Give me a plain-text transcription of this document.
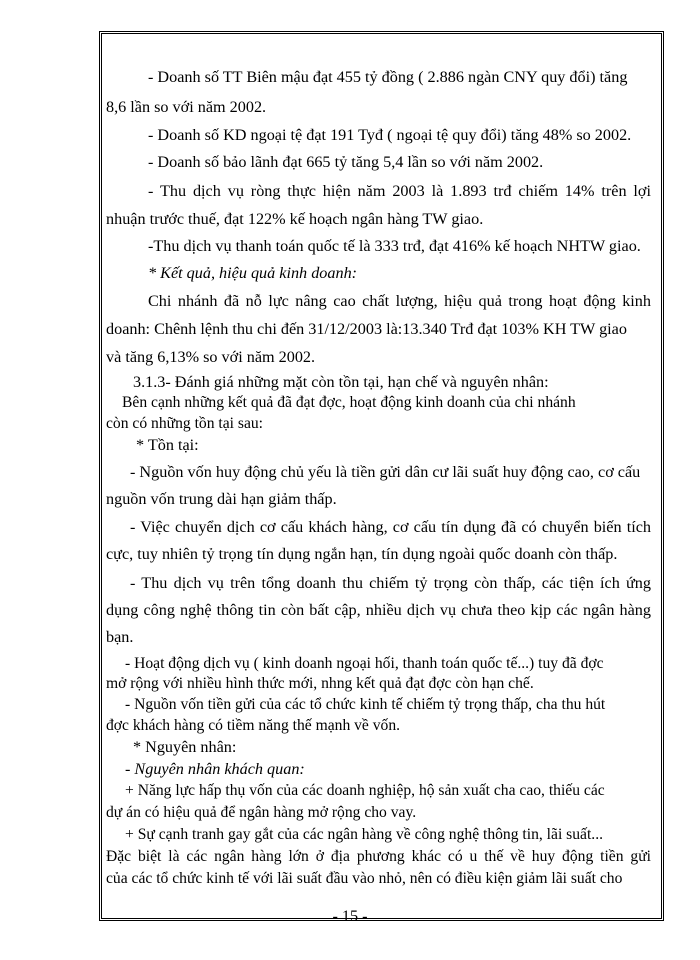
- Doanh số TT Biên mậu đạt 455 tỷ đồng ( 2.886 ngàn CNY quy đổi) tăng
8,6 lần so với năm 2002.
- Doanh số KD ngoại tệ đạt 191 Tyđ ( ngoại tệ quy đổi) tăng 48% so 2002.
- Doanh số bảo lãnh đạt 665 tỷ tăng 5,4 lần so với năm 2002.
- Thu dịch vụ ròng thực hiện năm 2003 là 1.893 trđ chiếm 14% trên lợi
nhuận trước thuế, đạt 122% kế hoạch ngân hàng TW giao.
-Thu dịch vụ thanh toán quốc tế là 333 trđ, đạt 416% kế hoạch NHTW giao.
* Kết quả, hiệu quả kinh doanh:
Chi nhánh đã nỗ lực nâng cao chất lượng, hiệu quả trong hoạt động kinh
doanh: Chênh lệnh thu chi đến 31/12/2003 là:13.340 Trđ đạt 103% KH TW giao
và tăng 6,13% so với năm 2002.
3.1.3- Đánh giá những mặt còn tồn tại, hạn chế và nguyên nhân:
Bên cạnh những kết quả đã đạt đợc, hoạt động kinh doanh của chi nhánh
còn có những tồn tại sau:
* Tồn tại:
- Nguồn vốn huy động chủ yếu là tiền gửi dân cư lãi suất huy động cao, cơ cấu
nguồn vốn trung dài hạn giảm thấp.
- Việc chuyển dịch cơ cấu khách hàng, cơ cấu tín dụng đã có chuyển biến tích
cực, tuy nhiên tỷ trọng tín dụng ngắn hạn, tín dụng ngoài quốc doanh còn thấp.
- Thu dịch vụ trên tổng doanh thu chiếm tỷ trọng còn thấp, các tiện ích ứng
dụng công nghệ thông tin còn bất cập, nhiều dịch vụ chưa theo kịp các ngân hàng
bạn.
- Hoạt động dịch vụ ( kinh doanh ngoại hối, thanh toán quốc tế...) tuy đã đợc
mở rộng với nhiều hình thức mới, nhng kết quả đạt đợc còn hạn chế.
- Nguồn vốn tiền gửi của các tổ chức kinh tế chiếm tỷ trọng thấp, cha thu hút
đợc khách hàng có tiềm năng thế mạnh về vốn.
* Nguyên nhân:
- Nguyên nhân khách quan:
+ Năng lực hấp thụ vốn của các doanh nghiệp, hộ sản xuất cha cao, thiếu các
dự án có hiệu quả để ngân hàng mở rộng cho vay.
+ Sự cạnh tranh gay gắt của các ngân hàng về công nghệ thông tin, lãi suất...
Đặc biệt là các ngân hàng lớn ở địa phương khác có u thế về huy động tiền gửi
của các tổ chức kinh tế với lãi suất đầu vào nhỏ, nên có điều kiện giảm lãi suất cho
- 15 -
